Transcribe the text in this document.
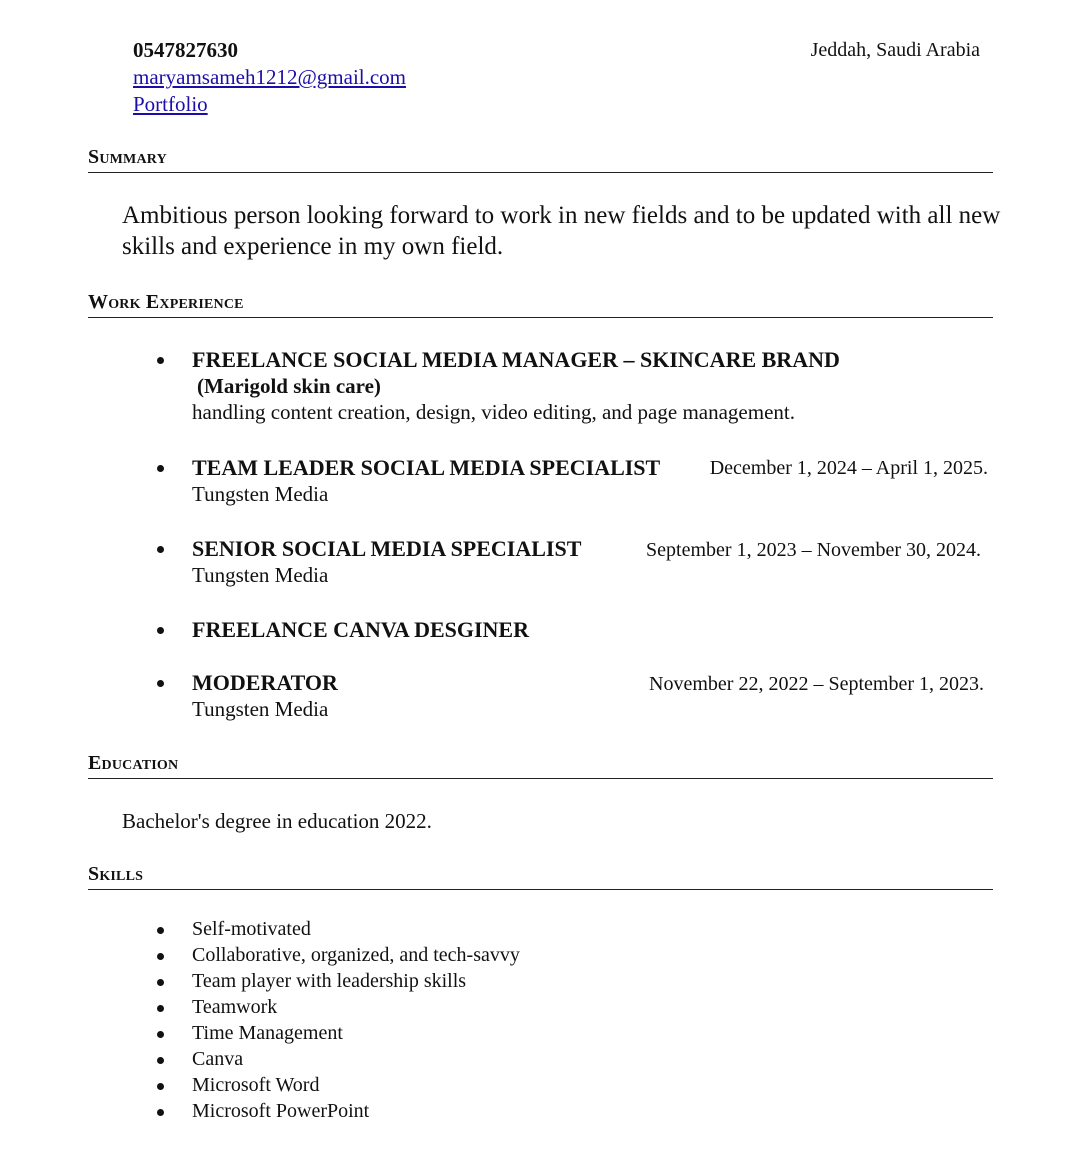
0547827630
maryamsameh1212@gmail.com
Portfolio
Jeddah, Saudi Arabia
Summary
Ambitious person looking forward to work in new fields and to be updated with all new skills and experience in my own field.
Work Experience
FREELANCE SOCIAL MEDIA MANAGER – SKINCARE BRAND
(Marigold skin care)
handling content creation, design, video editing, and page management.
TEAM LEADER SOCIAL MEDIA SPECIALIST December 1, 2024 – April 1, 2025.
Tungsten Media
SENIOR SOCIAL MEDIA SPECIALIST	September 1, 2023 – November 30, 2024.
Tungsten Media
FREELANCE CANVA DESGINER
MODERATOR	November 22, 2022 – September 1, 2023.
Tungsten Media
Education
Bachelor's degree in education 2022.
Skills
Self-motivated
Collaborative, organized, and tech-savvy
Team player with leadership skills
Teamwork
Time Management
Canva
Microsoft Word
Microsoft PowerPoint
